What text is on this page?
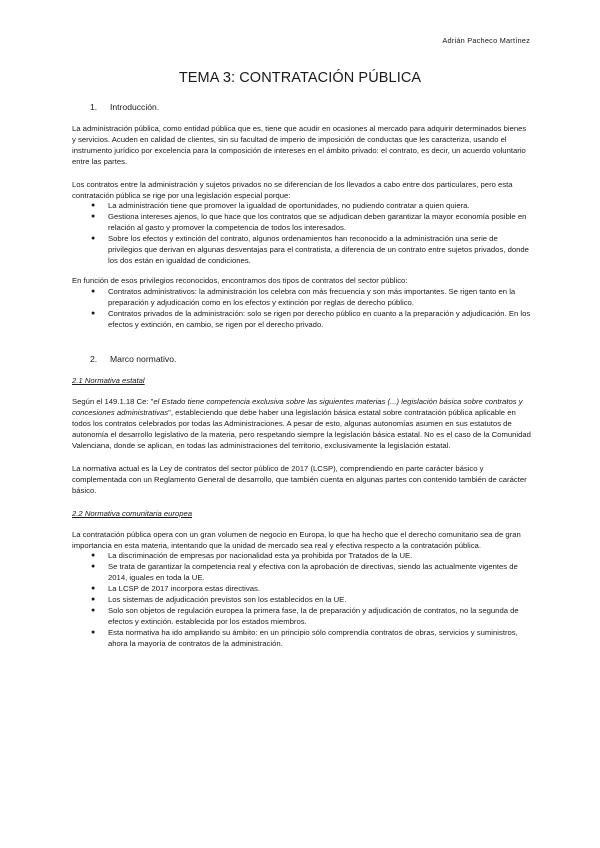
Adrián Pacheco Martínez
TEMA 3: CONTRATACIÓN PÚBLICA
1.	Introducción.

La administración pública, como entidad pública que es, tiene que acudir en ocasiones al mercado para adquirir determinados bienes y servicios. Acuden en calidad de clientes, sin su facultad de imperio de imposición de conductas que les caracteriza, usando el instrumento jurídico por excelencia para la composición de intereses en el ámbito privado: el contrato, es decir, un acuerdo voluntario entre las partes.

Los contratos entre la administración y sujetos privados no se diferencian de los llevados a cabo entre dos particulares, pero esta contratación pública se rige por una legislación especial porque:

● La administración tiene que promover la igualdad de oportunidades, no pudiendo contratar a quien quiera.
● Gestiona intereses ajenos, lo que hace que los contratos que se adjudican deben garantizar la mayor economía posible en relación al gasto y promover la competencia de todos los interesados.
● Sobre los efectos y extinción del contrato, algunos ordenamientos han reconocido a la administración una serie de privilegios que derivan en algunas desventajas para el contratista, a diferencia de un contrato entre sujetos privados, donde los dos están en igualdad de condiciones.

En función de esos privilegios reconocidos, encontramos dos tipos de contratos del sector público:

● Contratos administrativos: la administración los celebra con más frecuencia y son más importantes. Se rigen tanto en la preparación y adjudicación como en los efectos y extinción por reglas de derecho público.
● Contratos privados de la administración: solo se rigen por derecho público en cuanto a la preparación y adjudicación. En los efectos y extinción, en cambio, se rigen por el derecho privado.
2.	Marco normativo.

2.1 Normativa estatal

Según el 149.1.18 Ce: "el Estado tiene competencia exclusiva sobre las siguientes materias (...) legislación básica sobre contratos y concesiones administrativas", estableciendo que debe haber una legislación básica estatal sobre contratación pública aplicable en todos los contratos celebrados por todas las Administraciones. A pesar de esto, algunas autonomías asumen en sus estatutos de autonomía el desarrollo legislativo de la materia, pero respetando siempre la legislación básica estatal. No es el caso de la Comunidad Valenciana, donde se aplican, en todas las administraciones del territorio, exclusivamente la legislación estatal.

La normativa actual es la Ley de contratos del sector público de 2017 (LCSP), comprendiendo en parte carácter básico y complementada con un Reglamento General de desarrollo, que también cuenta en algunas partes con contenido también de carácter básico.

2.2 Normativa comunitaria europea

La contratación pública opera con un gran volumen de negocio en Europa, lo que ha hecho que el derecho comunitario sea de gran importancia en esta materia, intentando que la unidad de mercado sea real y efectiva respecto a la contratación pública.

● La discriminación de empresas por nacionalidad esta ya prohibida por Tratados de la UE.
● Se trata de garantizar la competencia real y efectiva con la aprobación de directivas, siendo las actualmente vigentes de 2014, iguales en toda la UE.
● La LCSP de 2017 incorpora estas directivas.
● Los sistemas de adjudicación previstos son los establecidos en la UE.
● Solo son objetos de regulación europea la primera fase, la de preparación y adjudicación de contratos, no la segunda de efectos y extinción. establecida por los estados miembros.
● Esta normativa ha ido ampliando su ámbito: en un principio sólo comprendía contratos de obras, servicios y suministros, ahora la mayoría de contratos de la administración.
